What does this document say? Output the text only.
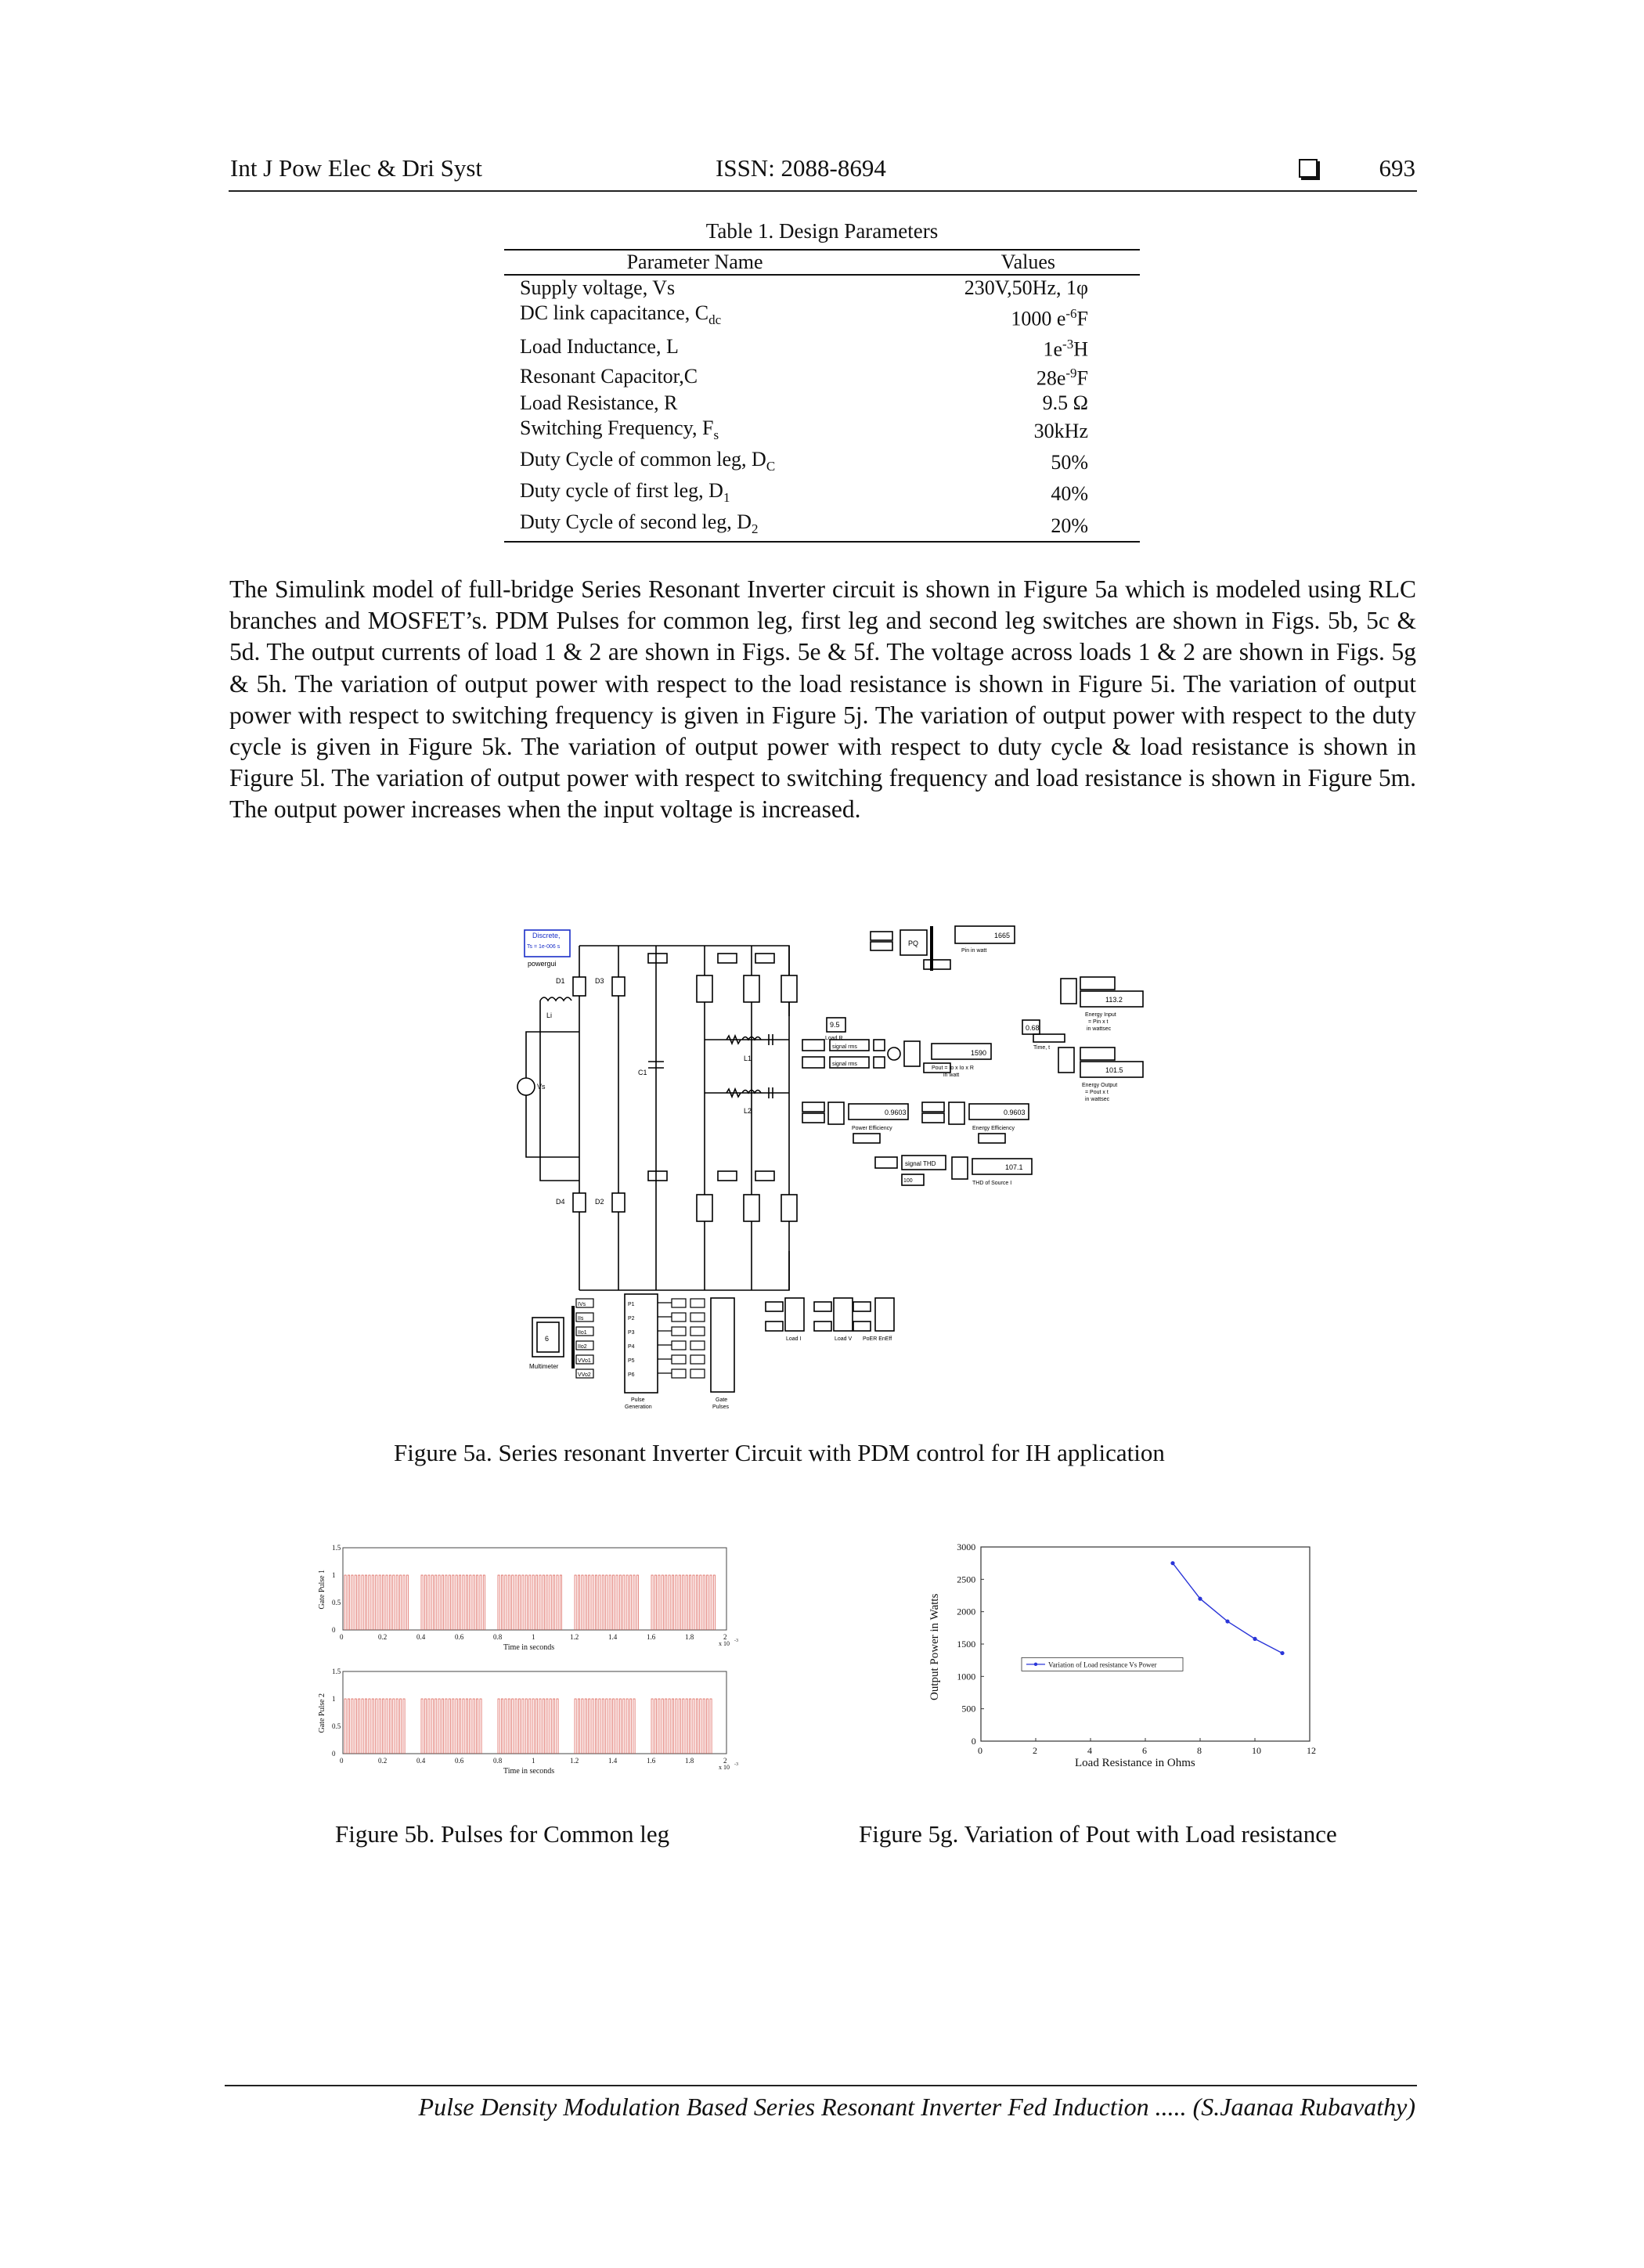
Int J Pow Elec & Dri Syst	ISSN: 2088-8694	693
Table 1. Design Parameters
Parameter Name	Values
Supply voltage, Vs	230V,50Hz, 1φ
DC link capacitance, $C_{dc}$	1000 $e^{-6}F$
Load Inductance, L	$1e^{-3}H$
Resonant Capacitor,C	$28e^{-9}F$
Load Resistance, R	9.5 Ω
Switching Frequency, $F_s$	30kHz
Duty Cycle of common leg, $D_C$	50%
Duty cycle of first leg, $D_1$	40%
Duty Cycle of second leg, $D_2$	20%
The Simulink model of full-bridge Series Resonant Inverter circuit is shown in Figure 5a which is modeled using RLC branches and MOSFET’s. PDM Pulses for common leg, first leg and second leg switches are shown in Figs. 5b, 5c & 5d. The output currents of load 1 & 2 are shown in Figs. 5e & 5f. The voltage across loads 1 & 2 are shown in Figs. 5g & 5h. The variation of output power with respect to the load resistance is shown in Figure 5i. The variation of output power with respect to switching frequency is given in Figure 5j. The variation of output power with respect to the duty cycle is given in Figure 5k. The variation of output power with respect to duty cycle & load resistance is shown in Figure 5l. The variation of output power with respect to switching frequency and load resistance is shown in Figure 5m. The output power increases when the input voltage is increased.
Discrete,
Ts = 1e-006 s
powergui
D1	D3
D4	D2
Li
Vs
C1
L1
L2
9.5
Load R
PQ
1665
Pin in watt
113.2
Energy Input
= Pin x t
in wattsec
0.68
Time, t
1590
Pout = Io x Io x R
in watt
101.5
Energy Output
= Pout x t
in wattsec
signal rms
signal rms
0.9603
Power Efficiency
0.9603
Energy Efficiency
signal THD
100
107.1
THD of Source I
6
Multimeter
Pulse
Generation
Gate
Pulses
Load I	Load V PoER EnEff
IVs	P1
IIs	P2
IIo1	P3
IIo2	P4
VVo1	P5
VVo2	P6
Figure 5a. Series resonant Inverter Circuit with PDM control for IH application
0	0.2	0.4	0.6	0.8	1	1.2	1.4	1.6	1.8	2
0
0.5
1
1.5
Time in seconds	x 10 -3
Gate Pulse 1
0	0.2	0.4	0.6	0.8	1	1.2	1.4	1.6	1.8	2
0
0.5
1
1.5
Time in seconds	x 10 -3
Gate Pulse 2
Figure 5b. Pulses for Common leg
0	2	4	6	8	10	12
0
500
1000
1500
2000
2500
3000
Variation of Load resistance Vs Power
Load Resistance in Ohms
Output Power in Watts
Figure 5g. Variation of Pout with Load resistance
Pulse Density Modulation Based Series Resonant Inverter Fed Induction ..... (S.Jaanaa Rubavathy)
